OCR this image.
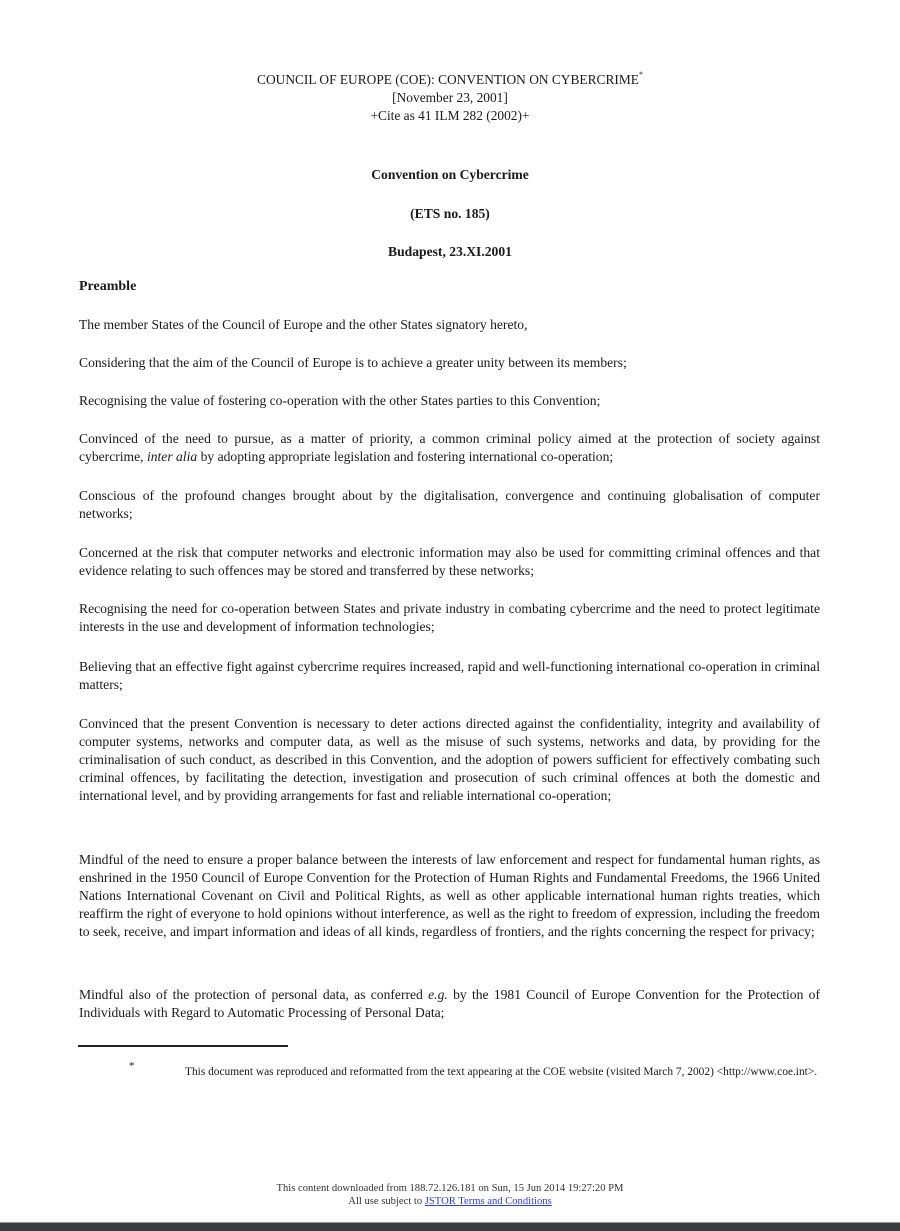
COUNCIL OF EUROPE (COE): CONVENTION ON CYBERCRIME*
[November 23, 2001]
+Cite as 41 ILM 282 (2002)+
Convention on Cybercrime
(ETS no. 185)
Budapest, 23.XI.2001
Preamble
The member States of the Council of Europe and the other States signatory hereto,
Considering that the aim of the Council of Europe is to achieve a greater unity between its members;
Recognising the value of fostering co-operation with the other States parties to this Convention;
Convinced of the need to pursue, as a matter of priority, a common criminal policy aimed at the protection of society against cybercrime, inter alia by adopting appropriate legislation and fostering international co-operation;
Conscious of the profound changes brought about by the digitalisation, convergence and continuing globalisation of computer networks;
Concerned at the risk that computer networks and electronic information may also be used for committing criminal offences and that evidence relating to such offences may be stored and transferred by these networks;
Recognising the need for co-operation between States and private industry in combating cybercrime and the need to protect legitimate interests in the use and development of information technologies;
Believing that an effective fight against cybercrime requires increased, rapid and well-functioning international co-operation in criminal matters;
Convinced that the present Convention is necessary to deter actions directed against the confidentiality, integrity and availability of computer systems, networks and computer data, as well as the misuse of such systems, networks and data, by providing for the criminalisation of such conduct, as described in this Convention, and the adoption of powers sufficient for effectively combating such criminal offences, by facilitating the detection, investigation and prosecution of such criminal offences at both the domestic and international level, and by providing arrangements for fast and reliable international co-operation;
Mindful of the need to ensure a proper balance between the interests of law enforcement and respect for fundamental human rights, as enshrined in the 1950 Council of Europe Convention for the Protection of Human Rights and Fundamental Freedoms, the 1966 United Nations International Covenant on Civil and Political Rights, as well as other applicable international human rights treaties, which reaffirm the right of everyone to hold opinions without interference, as well as the right to freedom of expression, including the freedom to seek, receive, and impart information and ideas of all kinds, regardless of frontiers, and the rights concerning the respect for privacy;
Mindful also of the protection of personal data, as conferred e.g. by the 1981 Council of Europe Convention for the Protection of Individuals with Regard to Automatic Processing of Personal Data;
*	This document was reproduced and reformatted from the text appearing at the COE website (visited March 7, 2002) <http://www.coe.int>.
This content downloaded from 188.72.126.181 on Sun, 15 Jun 2014 19:27:20 PM
All use subject to JSTOR Terms and Conditions
